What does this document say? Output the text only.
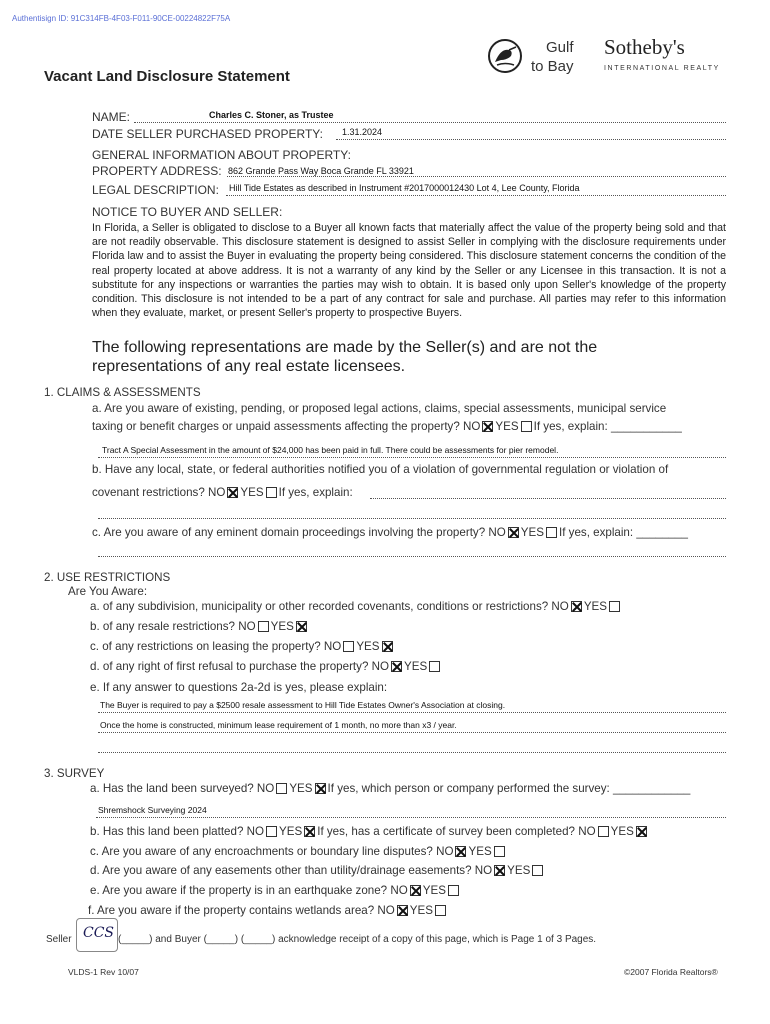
Authentisign ID: 91C314FB-4F03-F011-90CE-00224822F75A
Gulf
to Bay
Sotheby's
INTERNATIONAL REALTY
Vacant Land Disclosure Statement
NAME:	Charles C. Stoner, as Trustee
DATE SELLER PURCHASED PROPERTY: 1.31.2024
GENERAL INFORMATION ABOUT PROPERTY:
PROPERTY ADDRESS: 862 Grande Pass Way Boca Grande FL 33921
LEGAL DESCRIPTION: Hill Tide Estates as described in Instrument #2017000012430 Lot 4, Lee County, Florida
NOTICE TO BUYER AND SELLER:
In Florida, a Seller is obligated to disclose to a Buyer all known facts that materially affect the value of the property being sold and that are not readily observable. This disclosure statement is designed to assist Seller in complying with the disclosure requirements under Florida law and to assist the Buyer in evaluating the property being considered. This disclosure statement concerns the condition of the real property located at above address. It is not a warranty of any kind by the Seller or any Licensee in this transaction. It is not a substitute for any inspections or warranties the parties may wish to obtain. It is based only upon Seller's knowledge of the property condition. This disclosure is not intended to be a part of any contract for sale and purchase. All parties may refer to this information when they evaluate, market, or present Seller's property to prospective Buyers.
The following representations are made by the Seller(s) and are not the
representations of any real estate licensees.
1. CLAIMS & ASSESSMENTS
a. Are you aware of existing, pending, or proposed legal actions, claims, special assessments, municipal service
taxing or benefit charges or unpaid assessments affecting the property? NO YES If yes, explain: ___________
Tract A Special Assessment in the amount of $24,000 has been paid in full. There could be assessments for pier remodel.
b. Have any local, state, or federal authorities notified you of a violation of governmental regulation or violation of
covenant restrictions? NO YES If yes, explain:
c. Are you aware of any eminent domain proceedings involving the property? NO YES If yes, explain: ________
2. USE RESTRICTIONS
Are You Aware:
a. of any subdivision, municipality or other recorded covenants, conditions or restrictions? NO YES
b. of any resale restrictions? NO YES
c. of any restrictions on leasing the property? NO YES
d. of any right of first refusal to purchase the property? NO YES
e. If any answer to questions 2a-2d is yes, please explain:
The Buyer is required to pay a $2500 resale assessment to Hill Tide Estates Owner's Association at closing.
Once the home is constructed, minimum lease requirement of 1 month, no more than x3 / year.
3. SURVEY
a. Has the land been surveyed? NO YES If yes, which person or company performed the survey: ____________
Shremshock Surveying 2024
b. Has this land been platted? NO YES If yes, has a certificate of survey been completed? NO YES
c. Are you aware of any encroachments or boundary line disputes? NO YES
d. Are you aware of any easements other than utility/drainage easements? NO YES
e. Are you aware if the property is in an earthquake zone? NO YES
f. Are you aware if the property contains wetlands area? NO YES
Seller CCS (_____) and Buyer (_____) (_____) acknowledge receipt of a copy of this page, which is Page 1 of 3 Pages.
VLDS-1 Rev 10/07	©2007 Florida Realtors®
